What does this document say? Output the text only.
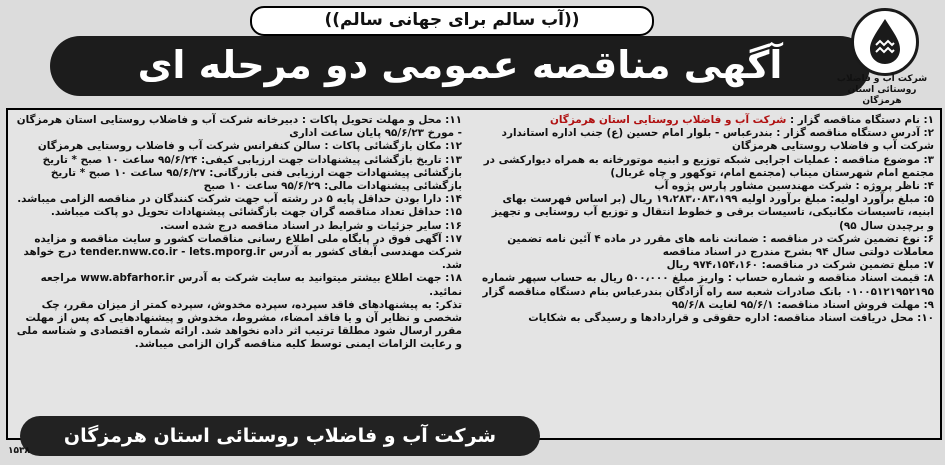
((آب سالم برای جهانی سالم))
آگهی مناقصه عمومی دو مرحله ای	شرکت آب و فاضلاب روستائی استان هرمزگان

۱: نام دستگاه مناقصه گزار : شرکت آب و فاضلاب روستایی استان هرمزگان

۲: آدرس دستگاه مناقصه گزار : بندرعباس - بلوار امام حسین (ع) جنب اداره استاندارد شرکت آب و فاضلاب روستایی هرمزگان

۳: موضوع مناقصه : عملیات اجرایی شبکه توزیع و ابنیه موتورخانه به همراه دیوارکشی در مجتمع امام شهرستان میناب (مجتمع امام، توکهور و چاه غربال)

۴: ناظر پروژه : شرکت مهندسین مشاور پارس پژوه آب

۵: مبلغ برآورد اولیه: مبلغ برآورد اولیه ۱۹،۲۸۳،۰۸۳،۱۹۹ ریال (بر اساس فهرست بهای ابنیه، تاسیسات مکانیکی، تاسیسات برقی و خطوط انتقال و توزیع آب روستایی و تجهیز و برچیدن سال ۹۵)

۶: نوع تضمین شرکت در مناقصه : ضمانت نامه های مقرر در ماده ۴ آئین نامه تضمین معاملات دولتی سال ۹۴ بشرح مندرج در اسناد مناقصه

۷: مبلغ تضمین شرکت در مناقصه: ۹۷۴،۱۵۴،۱۶۰ ریال

۸: قیمت اسناد مناقصه و شماره حساب : واریز مبلغ ۵۰۰،۰۰۰ ریال به حساب سپهر شماره ۰۱۰۰۵۱۲۱۹۵۲۱۹۵ بانک صادرات شعبه سه راه آزادگان بندرعباس بنام دستگاه مناقصه گزار

۹: مهلت فروش اسناد مناقصه: ۹۵/۶/۱ لغایت ۹۵/۶/۸

۱۰: محل دریافت اسناد مناقصه: اداره حقوقی و قراردادها و رسیدگی به شکایات

۱۱: محل و مهلت تحویل پاکات : دبیرخانه شرکت آب و فاضلاب روستایی استان هرمزگان - مورخ ۹۵/۶/۲۳ پایان ساعت اداری

۱۲: مکان بازگشائی پاکات : سالن کنفرانس شرکت آب و فاضلاب روستایی هرمزگان

۱۳: تاریخ بازگشائی پیشنهادات جهت ارزیابی کیفی: ۹۵/۶/۲۴ ساعت ۱۰ صبح * تاریخ بازگشائی پیشنهادات جهت ارزیابی فنی بازرگانی: ۹۵/۶/۲۷ ساعت ۱۰ صبح * تاریخ بازگشائی پیشنهادات مالی: ۹۵/۶/۲۹ ساعت ۱۰ صبح

۱۴: دارا بودن حداقل پایه ۵ در رشته آب جهت شرکت کنندگان در مناقصه الزامی میباشد.

۱۵: حداقل تعداد مناقصه گران جهت بازگشائی پیشنهادات تحویل دو پاکت میباشد.

۱۶: سایر جزئیات و شرایط در اسناد مناقصه درج شده است.

۱۷: آگهی فوق در پایگاه ملی اطلاع رسانی مناقصات کشور و سایت مناقصه و مزایده شرکت مهندسی آبفای کشور به آدرس tender.nww.co.ir - lets.mporg.ir درج خواهد شد.

۱۸: جهت اطلاع بیشتر میتوانید به سایت شرکت به آدرس www.abfarhor.ir مراجعه نمائید.

تذکر: به پیشنهادهای فاقد سپرده، سپرده مخدوش، سپرده کمتر از میزان مقرر، چک شخصی و نظایر آن و یا فاقد امضاء، مشروط، مخدوش و پیشنهادهایی که پس از مهلت مقرر ارسال شود مطلقا ترتیب اثر داده نخواهد شد. ارائه شماره اقتصادی و شناسه ملی و رعایت الزامات ایمنی توسط کلیه مناقصه گران الزامی میباشد.

شرکت آب و فاضلاب روستائی استان هرمزگان
۱۵۳۸
